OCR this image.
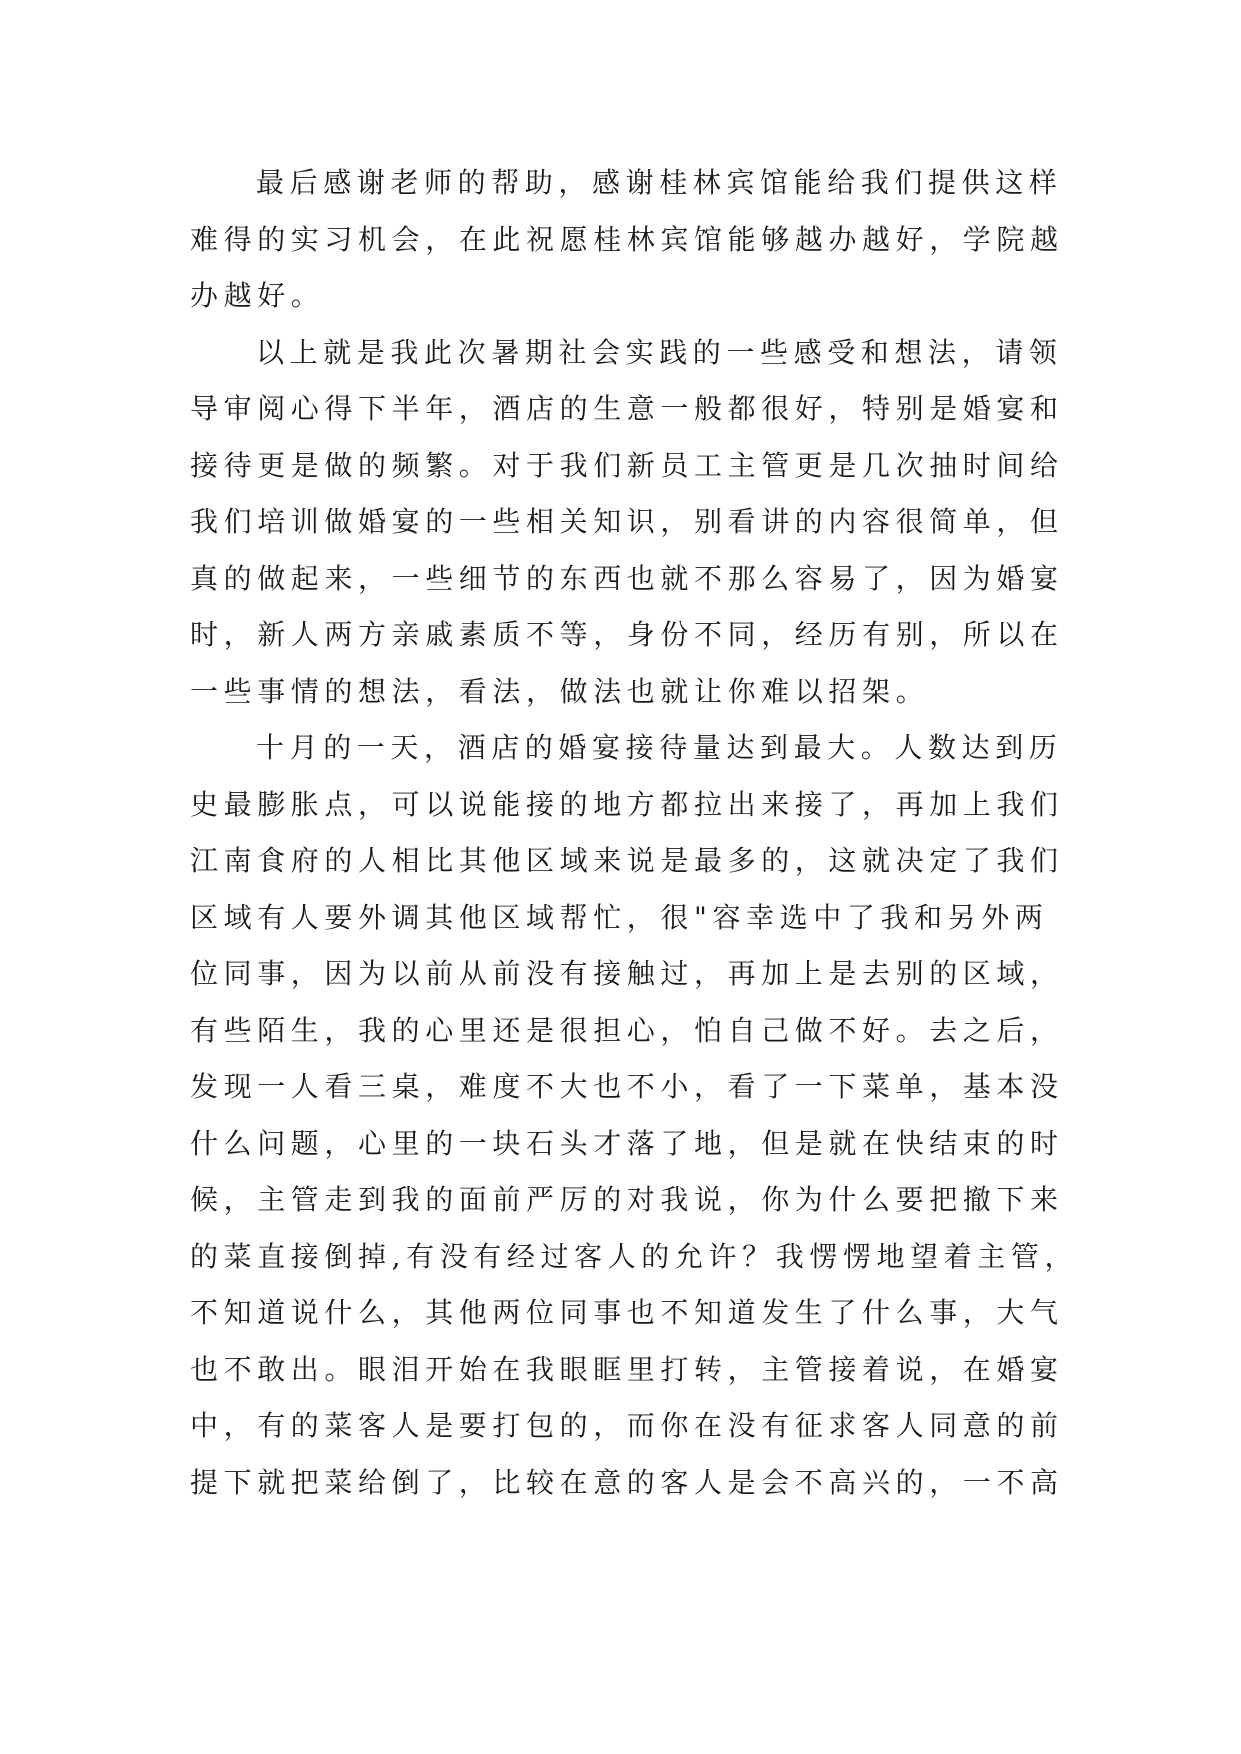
最后感谢老师的帮助，感谢桂林宾馆能给我们提供这样
难得的实习机会，在此祝愿桂林宾馆能够越办越好，学院越
办越好。
以上就是我此次暑期社会实践的一些感受和想法，请领
导审阅心得下半年，酒店的生意一般都很好，特别是婚宴和
接待更是做的频繁。对于我们新员工主管更是几次抽时间给
我们培训做婚宴的一些相关知识，别看讲的内容很简单，但
真的做起来，一些细节的东西也就不那么容易了，因为婚宴
时，新人两方亲戚素质不等，身份不同，经历有别，所以在
一些事情的想法，看法，做法也就让你难以招架。
十月的一天，酒店的婚宴接待量达到最大。人数达到历
史最膨胀点，可以说能接的地方都拉出来接了，再加上我们
江南食府的人相比其他区域来说是最多的，这就决定了我们
区域有人要外调其他区域帮忙，很"容幸选中了我和另外两
位同事，因为以前从前没有接触过，再加上是去别的区域，
有些陌生，我的心里还是很担心，怕自己做不好。去之后，
发现一人看三桌，难度不大也不小，看了一下菜单，基本没
什么问题，心里的一块石头才落了地，但是就在快结束的时
候，主管走到我的面前严厉的对我说，你为什么要把撤下来
的菜直接倒掉,有没有经过客人的允许？我愣愣地望着主管，
不知道说什么，其他两位同事也不知道发生了什么事，大气
也不敢出。眼泪开始在我眼眶里打转，主管接着说，在婚宴
中，有的菜客人是要打包的，而你在没有征求客人同意的前
提下就把菜给倒了，比较在意的客人是会不高兴的，一不高
